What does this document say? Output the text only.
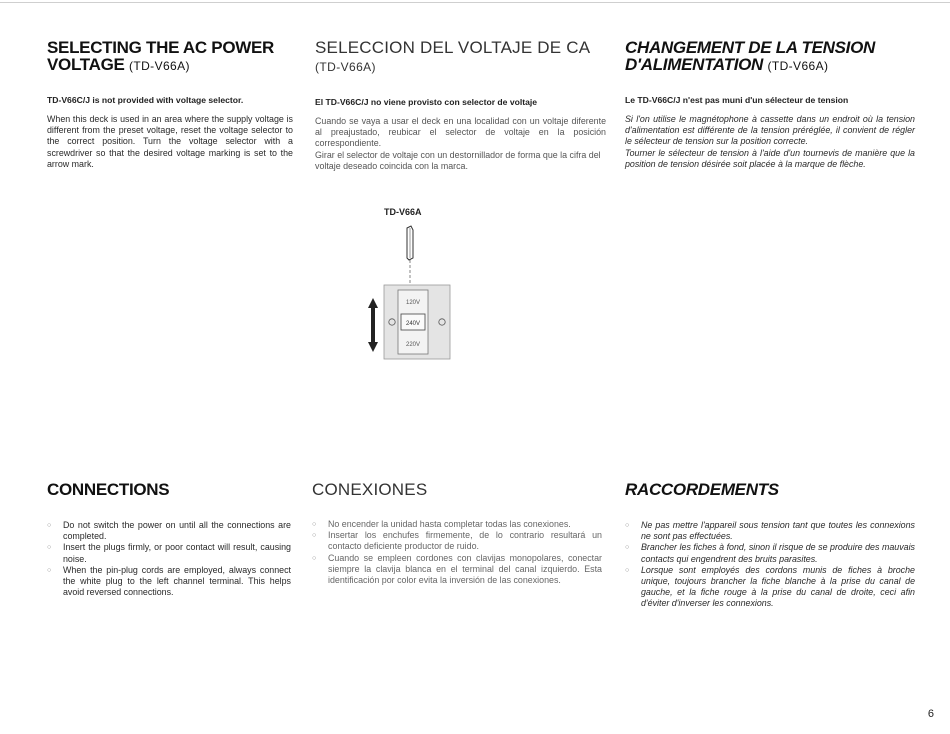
SELECTING THE AC POWER
VOLTAGE (TD-V66A)

TD-V66C/J is not provided with voltage selector.

When this deck is used in an area where the supply voltage is different from the preset voltage, reset the voltage selector to the correct position. Turn the voltage selector with a screwdriver so that the desired voltage marking is set to the arrow mark.

SELECCION DEL VOLTAJE DE CA
(TD-V66A)

El TD-V66C/J no viene provisto con selector de voltaje

Cuando se vaya a usar el deck en una localidad con un voltaje diferente al preajustado, reubicar el selector de voltaje en la posición correspondiente.

Girar el selector de voltaje con un destornillador de forma que la cifra del voltaje deseado coincida con la marca.

CHANGEMENT DE LA TENSION
D'ALIMENTATION (TD-V66A)

Le TD-V66C/J n'est pas muni d'un sélecteur de tension

Si l'on utilise le magnétophone à cassette dans un endroit où la tension d'alimentation est différente de la tension préréglée, il convient de régler le sélecteur de tension sur la position correcte.

Tourner le sélecteur de tension à l'aide d'un tournevis de manière que la position de tension désirée soit placée à la marque de flèche.

TD-V66A
120V
240V
220V
CONNECTIONS
○ Do not switch the power on until all the connections are completed.
○ Insert the plugs firmly, or poor contact will result, causing noise.
○ When the pin-plug cords are employed, always connect the white plug to the left channel terminal. This helps avoid reversed connections.
CONEXIONES
○ No encender la unidad hasta completar todas las conexiones.
○ Insertar los enchufes firmemente, de lo contrario resultará un contacto deficiente productor de ruido.
○ Cuando se empleen cordones con clavijas monopolares, conectar siempre la clavija blanca en el terminal del canal izquierdo. Esta identificación por color evita la inversión de las conexiones.
RACCORDEMENTS
○ Ne pas mettre l'appareil sous tension tant que toutes les connexions ne sont pas effectuées.
○ Brancher les fiches à fond, sinon il risque de se produire des mauvais contacts qui engendrent des bruits parasites.
○ Lorsque sont employés des cordons munis de fiches à broche unique, toujours brancher la fiche blanche à la prise du canal de gauche, et la fiche rouge à la prise du canal de droite, ceci afin d'éviter d'inverser les connexions.
6
